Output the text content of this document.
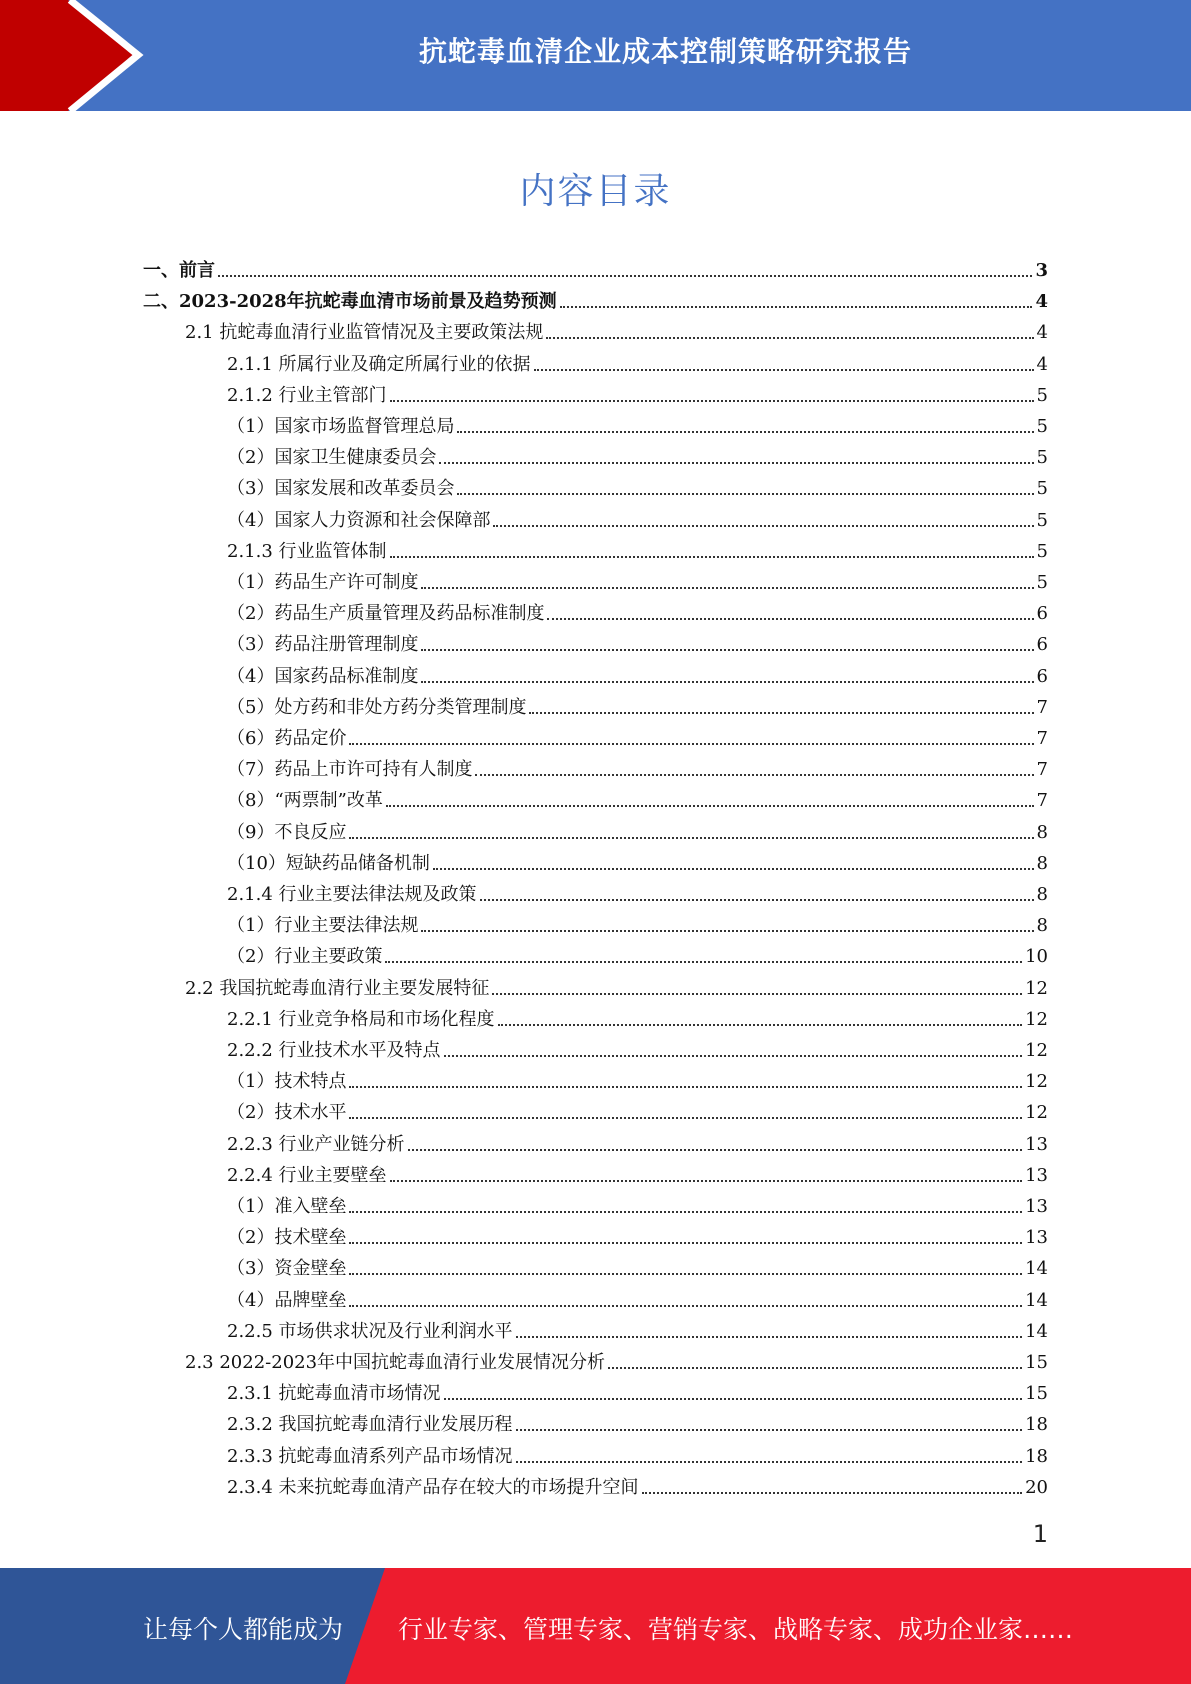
抗蛇毒血清企业成本控制策略研究报告
内容目录
一、前言	3
二、2023-2028年抗蛇毒血清市场前景及趋势预测	4
2.1 抗蛇毒血清行业监管情况及主要政策法规	4
2.1.1 所属行业及确定所属行业的依据	4
2.1.2 行业主管部门	5
（1）国家市场监督管理总局	5
（2）国家卫生健康委员会	5
（3）国家发展和改革委员会	5
（4）国家人力资源和社会保障部	5
2.1.3 行业监管体制	5
（1）药品生产许可制度	5
（2）药品生产质量管理及药品标准制度	6
（3）药品注册管理制度	6
（4）国家药品标准制度	6
（5）处方药和非处方药分类管理制度	7
（6）药品定价	7
（7）药品上市许可持有人制度	7
（8）“两票制”改革	7
（9）不良反应	8
（10）短缺药品储备机制	8
2.1.4 行业主要法律法规及政策	8
（1）行业主要法律法规	8
（2）行业主要政策	10
2.2 我国抗蛇毒血清行业主要发展特征	12
2.2.1 行业竞争格局和市场化程度	12
2.2.2 行业技术水平及特点	12
（1）技术特点	12
（2）技术水平	12
2.2.3 行业产业链分析	13
2.2.4 行业主要壁垒	13
（1）准入壁垒	13
（2）技术壁垒	13
（3）资金壁垒	14
（4）品牌壁垒	14
2.2.5 市场供求状况及行业利润水平	14
2.3 2022-2023年中国抗蛇毒血清行业发展情况分析	15
2.3.1 抗蛇毒血清市场情况	15
2.3.2 我国抗蛇毒血清行业发展历程	18
2.3.3 抗蛇毒血清系列产品市场情况	18
2.3.4 未来抗蛇毒血清产品存在较大的市场提升空间	20
1
让每个人都能成为 行业专家、管理专家、营销专家、战略专家、成功企业家……
